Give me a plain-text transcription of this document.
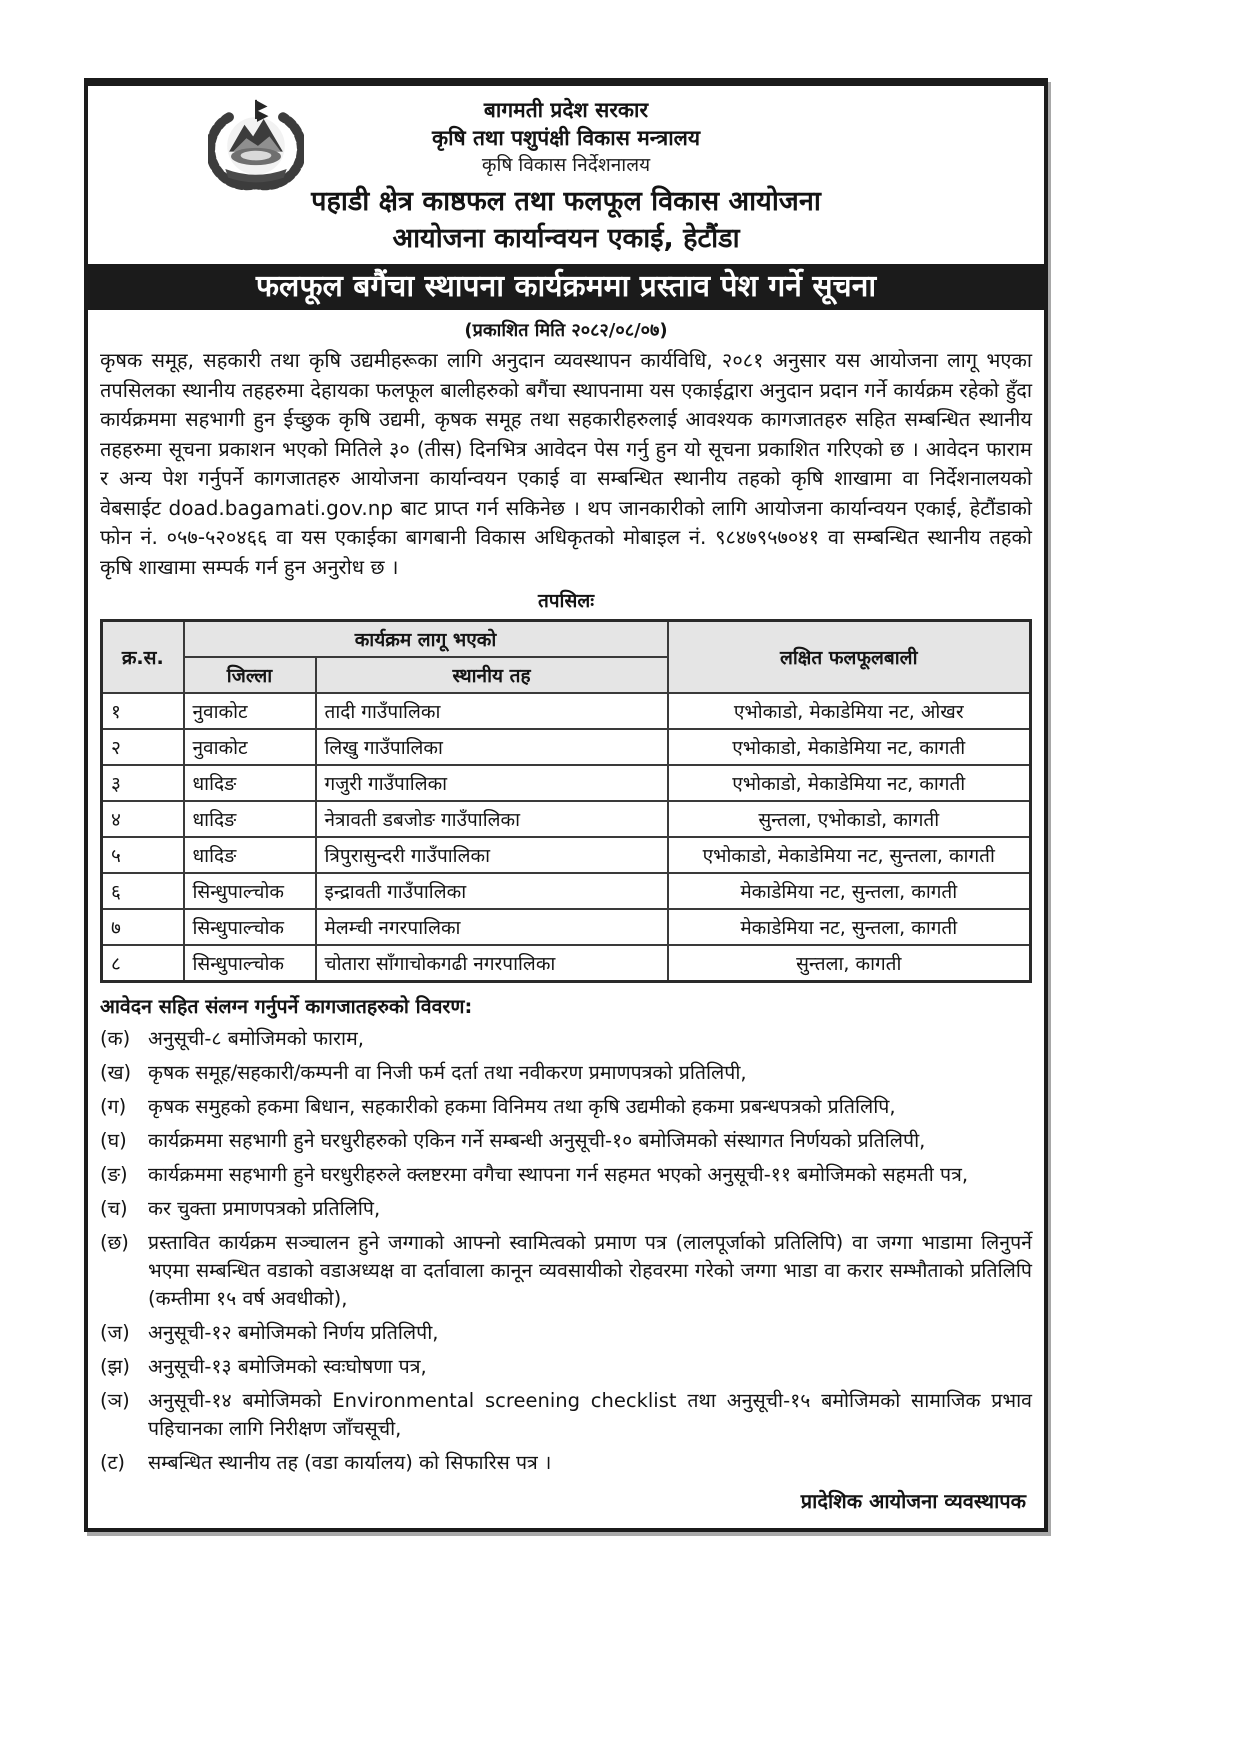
बागमती प्रदेश सरकार
कृषि तथा पशुपंक्षी विकास मन्त्रालय
कृषि विकास निर्देशनालय
पहाडी क्षेत्र काष्ठफल तथा फलफूल विकास आयोजना
आयोजना कार्यान्वयन एकाई, हेटौंडा
फलफूल बगैंचा स्थापना कार्यक्रममा प्रस्ताव पेश गर्ने सूचना
(प्रकाशित मिति २०८२/०८/०७)

कृषक समूह, सहकारी तथा कृषि उद्यमीहरूका लागि अनुदान व्यवस्थापन कार्यविधि, २०८१ अनुसार यस आयोजना लागू भएका तपसिलका स्थानीय तहहरुमा देहायका फलफूल बालीहरुको बगैंचा स्थापनामा यस एकाईद्वारा अनुदान प्रदान गर्ने कार्यक्रम रहेको हुँदा कार्यक्रममा सहभागी हुन ईच्छुक कृषि उद्यमी, कृषक समूह तथा सहकारीहरुलाई आवश्यक कागजातहरु सहित सम्बन्धित स्थानीय तहहरुमा सूचना प्रकाशन भएको मितिले ३० (तीस) दिनभित्र आवेदन पेस गर्नु हुन यो सूचना प्रकाशित गरिएको छ । आवेदन फाराम र अन्य पेश गर्नुपर्ने कागजातहरु आयोजना कार्यान्वयन एकाई वा सम्बन्धित स्थानीय तहको कृषि शाखामा वा निर्देशनालयको वेबसाईट doad.bagamati.gov.np बाट प्राप्त गर्न सकिनेछ । थप जानकारीको लागि आयोजना कार्यान्वयन एकाई, हेटौंडाको फोन नं. ०५७-५२०४६६ वा यस एकाईका बागबानी विकास अधिकृतको मोबाइल नं. ९८४७९५७०४१ वा सम्बन्धित स्थानीय तहको कृषि शाखामा सम्पर्क गर्न हुन अनुरोध छ ।

तपसिलः
क्र.स.	कार्यक्रम लागू भएको		लक्षित फलफूलबाली
	जिल्ला	स्थानीय तह	
१	नुवाकोट	तादी गाउँपालिका	एभोकाडो, मेकाडेमिया नट, ओखर
२	नुवाकोट	लिखु गाउँपालिका	एभोकाडो, मेकाडेमिया नट, कागती
३	धादिङ	गजुरी गाउँपालिका	एभोकाडो, मेकाडेमिया नट, कागती
४	धादिङ	नेत्रावती डबजोङ गाउँपालिका	सुन्तला, एभोकाडो, कागती
५	धादिङ	त्रिपुरासुन्दरी गाउँपालिका	एभोकाडो, मेकाडेमिया नट, सुन्तला, कागती
६	सिन्धुपाल्चोक	इन्द्रावती गाउँपालिका	मेकाडेमिया नट, सुन्तला, कागती
७	सिन्धुपाल्चोक	मेलम्ची नगरपालिका	मेकाडेमिया नट, सुन्तला, कागती
८	सिन्धुपाल्चोक	चोतारा साँगाचोकगढी नगरपालिका	सुन्तला, कागती
आवेदन सहित संलग्न गर्नुपर्ने कागजातहरुको विवरण:
(क) अनुसूची-८ बमोजिमको फाराम,
(ख) कृषक समूह/सहकारी/कम्पनी वा निजी फर्म दर्ता तथा नवीकरण प्रमाणपत्रको प्रतिलिपी,
(ग)	कृषक समुहको हकमा बिधान, सहकारीको हकमा विनिमय तथा कृषि उद्यमीको हकमा प्रबन्धपत्रको प्रतिलिपि,
(घ)	कार्यक्रममा सहभागी हुने घरधुरीहरुको एकिन गर्ने सम्बन्धी अनुसूची-१० बमोजिमको संस्थागत निर्णयको प्रतिलिपी,
(ङ)	कार्यक्रममा सहभागी हुने घरधुरीहरुले क्लष्टरमा वगैचा स्थापना गर्न सहमत भएको अनुसूची-११ बमोजिमको सहमती पत्र,
(च)	कर चुक्ता प्रमाणपत्रको प्रतिलिपि,
(छ) प्रस्तावित कार्यक्रम सञ्चालन हुने जग्गाको आफ्नो स्वामित्वको प्रमाण पत्र (लालपूर्जाको प्रतिलिपि) वा जग्गा भाडामा लिनुपर्ने भएमा सम्बन्धित वडाको वडाअध्यक्ष वा दर्तावाला कानून व्यवसायीको रोहवरमा गरेको जग्गा भाडा वा करार सम्भौताको प्रतिलिपि (कम्तीमा १५ वर्ष अवधीको),
(ज) अनुसूची-१२ बमोजिमको निर्णय प्रतिलिपी,
(झ) अनुसूची-१३ बमोजिमको स्वःघोषणा पत्र,
(ञ) अनुसूची-१४ बमोजिमको Environmental screening checklist तथा अनुसूची-१५ बमोजिमको सामाजिक प्रभाव पहिचानका लागि निरीक्षण जाँचसूची,
(ट)	सम्बन्धित स्थानीय तह (वडा कार्यालय) को सिफारिस पत्र ।
प्रादेशिक आयोजना व्यवस्थापक
